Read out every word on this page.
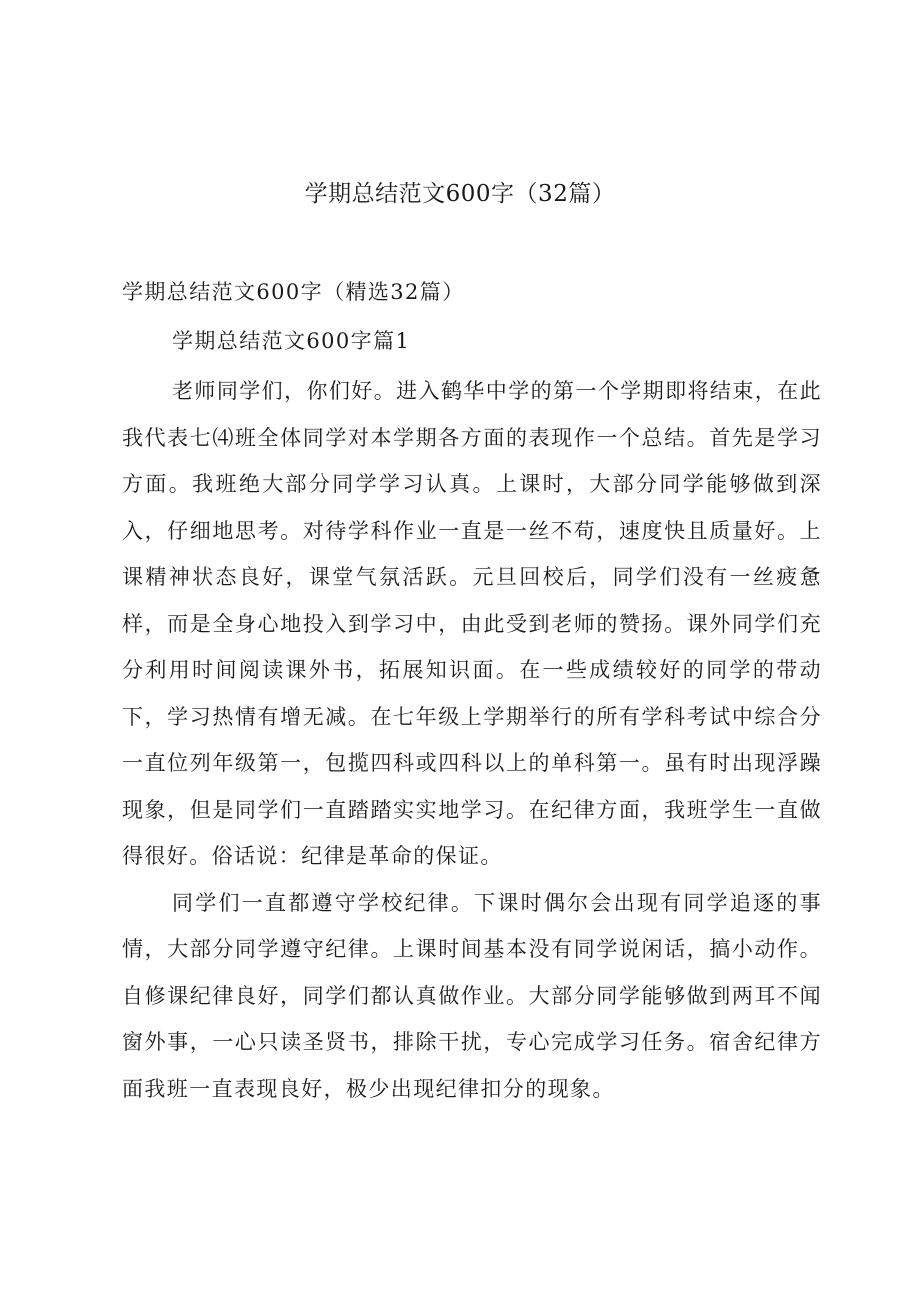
学期总结范文600字（32篇）

学期总结范文600字（精选32篇）

学期总结范文600字篇1

老师同学们，你们好。进入鹤华中学的第一个学期即将结束，在此我代表七⑷班全体同学对本学期各方面的表现作一个总结。首先是学习方面。我班绝大部分同学学习认真。上课时，大部分同学能够做到深入，仔细地思考。对待学科作业一直是一丝不苟，速度快且质量好。上课精神状态良好，课堂气氛活跃。元旦回校后，同学们没有一丝疲惫样，而是全身心地投入到学习中，由此受到老师的赞扬。课外同学们充分利用时间阅读课外书，拓展知识面。在一些成绩较好的同学的带动下，学习热情有增无减。在七年级上学期举行的所有学科考试中综合分一直位列年级第一，包揽四科或四科以上的单科第一。虽有时出现浮躁现象，但是同学们一直踏踏实实地学习。在纪律方面，我班学生一直做得很好。俗话说：纪律是革命的保证。

同学们一直都遵守学校纪律。下课时偶尔会出现有同学追逐的事情，大部分同学遵守纪律。上课时间基本没有同学说闲话，搞小动作。自修课纪律良好，同学们都认真做作业。大部分同学能够做到两耳不闻窗外事，一心只读圣贤书，排除干扰，专心完成学习任务。宿舍纪律方面我班一直表现良好，极少出现纪律扣分的现象。
